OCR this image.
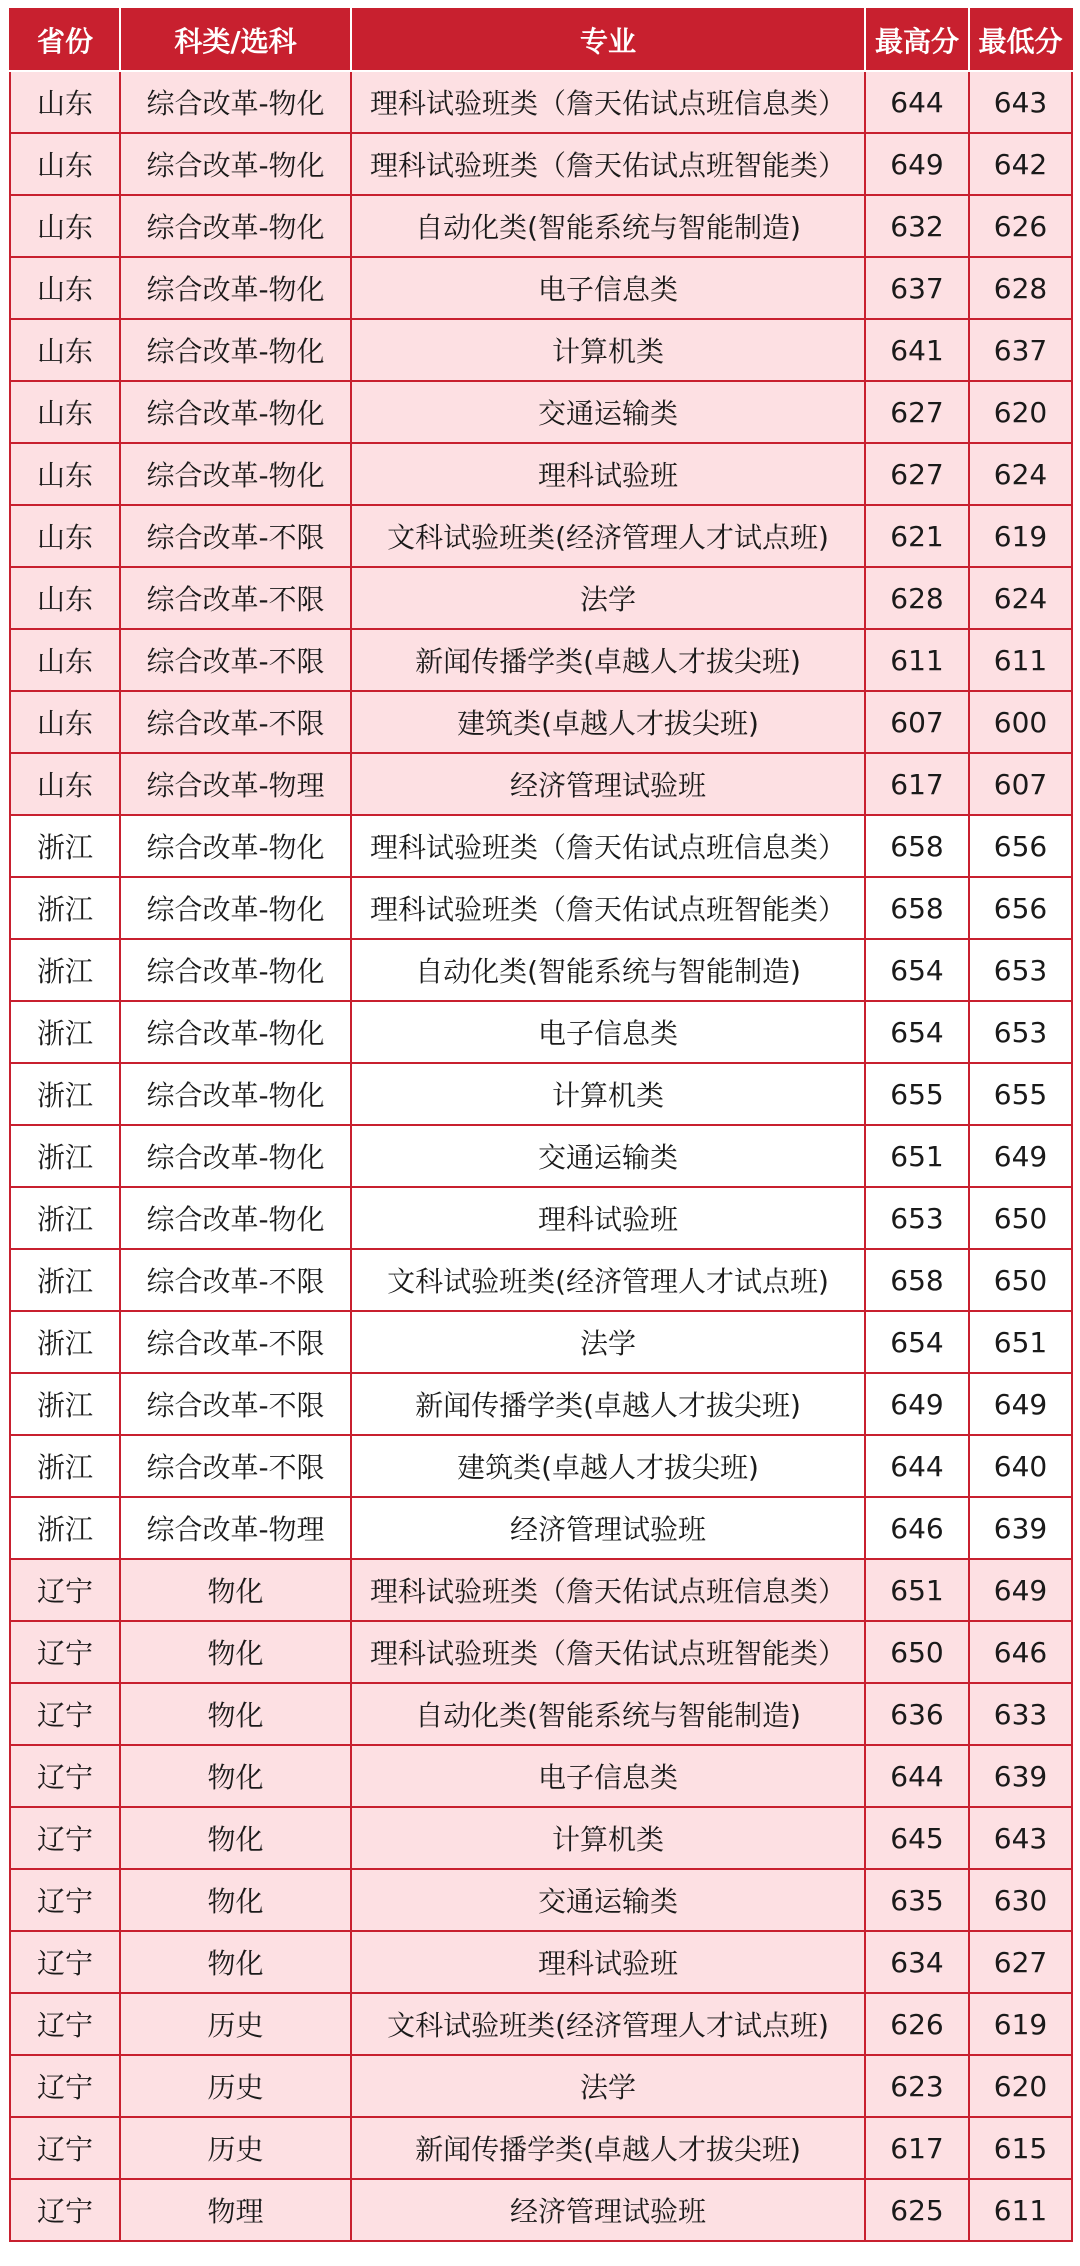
省份	科类/选科	专业	最高分	最低分
山东	综合改革-物化	理科试验班类（詹天佑试点班信息类）	644	643
山东	综合改革-物化	理科试验班类（詹天佑试点班智能类）	649	642
山东	综合改革-物化	自动化类(智能系统与智能制造)	632	626
山东	综合改革-物化	电子信息类	637	628
山东	综合改革-物化	计算机类	641	637
山东	综合改革-物化	交通运输类	627	620
山东	综合改革-物化	理科试验班	627	624
山东	综合改革-不限	文科试验班类(经济管理人才试点班)	621	619
山东	综合改革-不限	法学	628	624
山东	综合改革-不限	新闻传播学类(卓越人才拔尖班)	611	611
山东	综合改革-不限	建筑类(卓越人才拔尖班)	607	600
山东	综合改革-物理	经济管理试验班	617	607
浙江	综合改革-物化	理科试验班类（詹天佑试点班信息类）	658	656
浙江	综合改革-物化	理科试验班类（詹天佑试点班智能类）	658	656
浙江	综合改革-物化	自动化类(智能系统与智能制造)	654	653
浙江	综合改革-物化	电子信息类	654	653
浙江	综合改革-物化	计算机类	655	655
浙江	综合改革-物化	交通运输类	651	649
浙江	综合改革-物化	理科试验班	653	650
浙江	综合改革-不限	文科试验班类(经济管理人才试点班)	658	650
浙江	综合改革-不限	法学	654	651
浙江	综合改革-不限	新闻传播学类(卓越人才拔尖班)	649	649
浙江	综合改革-不限	建筑类(卓越人才拔尖班)	644	640
浙江	综合改革-物理	经济管理试验班	646	639
辽宁	物化	理科试验班类（詹天佑试点班信息类）	651	649
辽宁	物化	理科试验班类（詹天佑试点班智能类）	650	646
辽宁	物化	自动化类(智能系统与智能制造)	636	633
辽宁	物化	电子信息类	644	639
辽宁	物化	计算机类	645	643
辽宁	物化	交通运输类	635	630
辽宁	物化	理科试验班	634	627
辽宁	历史	文科试验班类(经济管理人才试点班)	626	619
辽宁	历史	法学	623	620
辽宁	历史	新闻传播学类(卓越人才拔尖班)	617	615
辽宁	物理	经济管理试验班	625	611
